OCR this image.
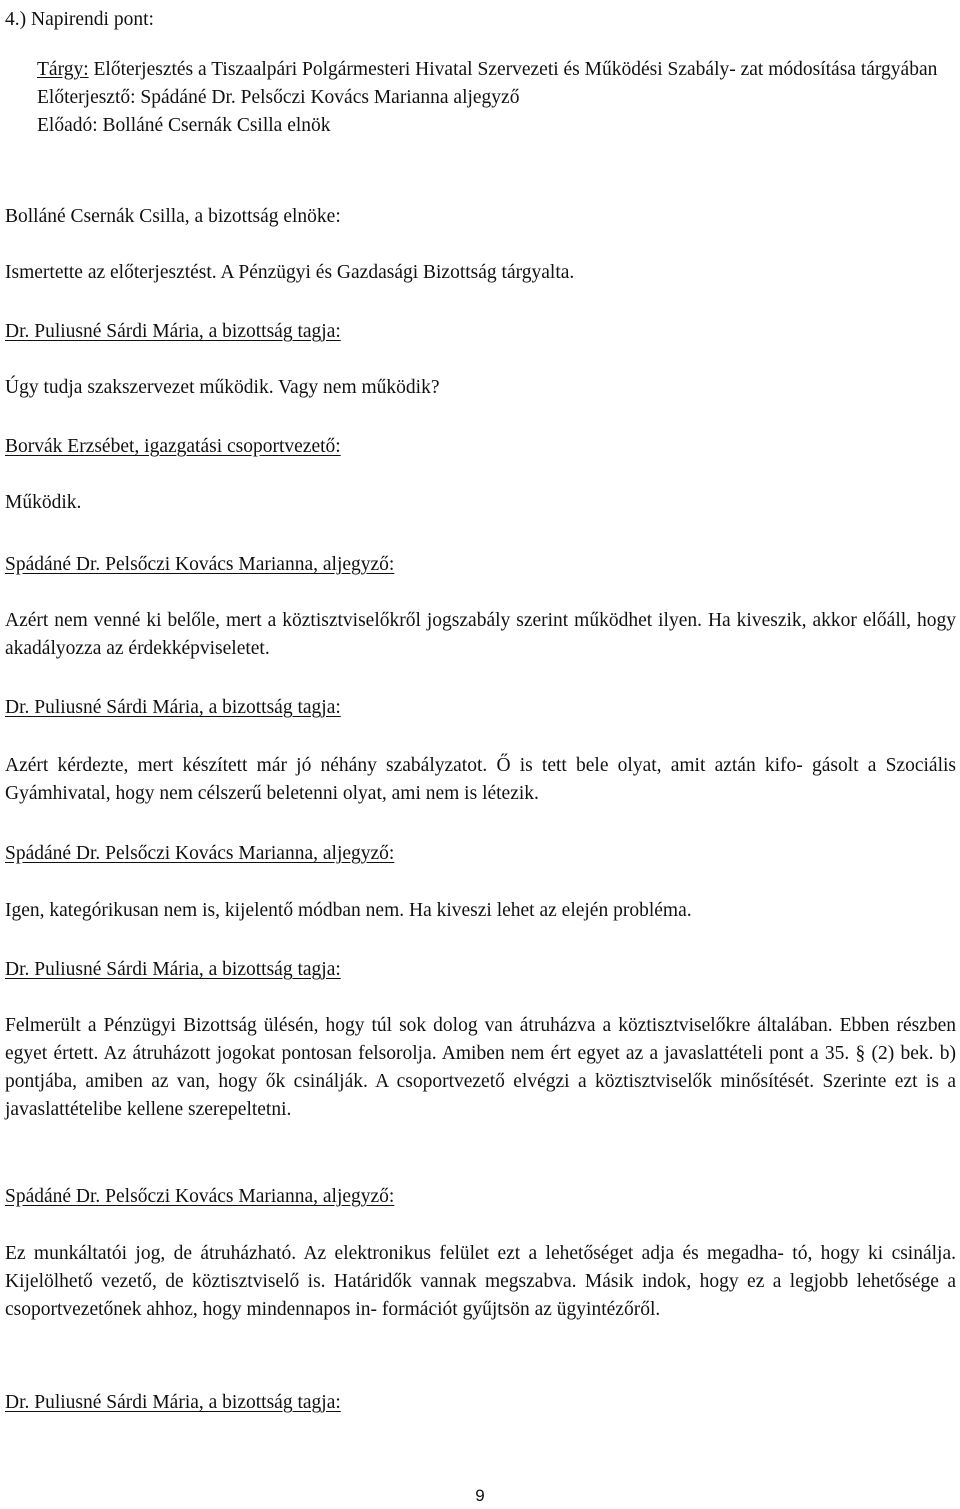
4.) Napirendi pont:

Tárgy: Előterjesztés a Tiszaalpári Polgármesteri Hivatal Szervezeti és Működési Szabály- zat módosítása tárgyában

Előterjesztő: Spádáné Dr. Pelsőczi Kovács Marianna aljegyző

Előadó: Bolláné Csernák Csilla elnök

Bolláné Csernák Csilla, a bizottság elnöke:
Ismertette az előterjesztést. A Pénzügyi és Gazdasági Bizottság tárgyalta.
Dr. Puliusné Sárdi Mária, a bizottság tagja:
Úgy tudja szakszervezet működik. Vagy nem működik?
Borvák Erzsébet, igazgatási csoportvezető:
Működik.
Spádáné Dr. Pelsőczi Kovács Marianna, aljegyző:
Azért nem venné ki belőle, mert a köztisztviselőkről jogszabály szerint működhet ilyen. Ha kiveszik, akkor előáll, hogy akadályozza az érdekképviseletet.
Dr. Puliusné Sárdi Mária, a bizottság tagja:
Azért kérdezte, mert készített már jó néhány szabályzatot. Ő is tett bele olyat, amit aztán kifo- gásolt a Szociális Gyámhivatal, hogy nem célszerű beletenni olyat, ami nem is létezik.
Spádáné Dr. Pelsőczi Kovács Marianna, aljegyző:
Igen, kategórikusan nem is, kijelentő módban nem. Ha kiveszi lehet az elején probléma.
Dr. Puliusné Sárdi Mária, a bizottság tagja:
Felmerült a Pénzügyi Bizottság ülésén, hogy túl sok dolog van átruházva a köztisztviselőkre általában. Ebben részben egyet értett. Az átruházott jogokat pontosan felsorolja. Amiben nem ért egyet az a javaslattételi pont a 35. § (2) bek. b) pontjába, amiben az van, hogy ők csinálják. A csoportvezető elvégzi a köztisztviselők minősítését. Szerinte ezt is a javaslattételibe kellene szerepeltetni.
Spádáné Dr. Pelsőczi Kovács Marianna, aljegyző:
Ez munkáltatói jog, de átruházható. Az elektronikus felület ezt a lehetőséget adja és megadha- tó, hogy ki csinálja. Kijelölhető vezető, de köztisztviselő is. Határidők vannak megszabva. Másik indok, hogy ez a legjobb lehetősége a csoportvezetőnek ahhoz, hogy mindennapos in- formációt gyűjtsön az ügyintézőről.
Dr. Puliusné Sárdi Mária, a bizottság tagja:
9
